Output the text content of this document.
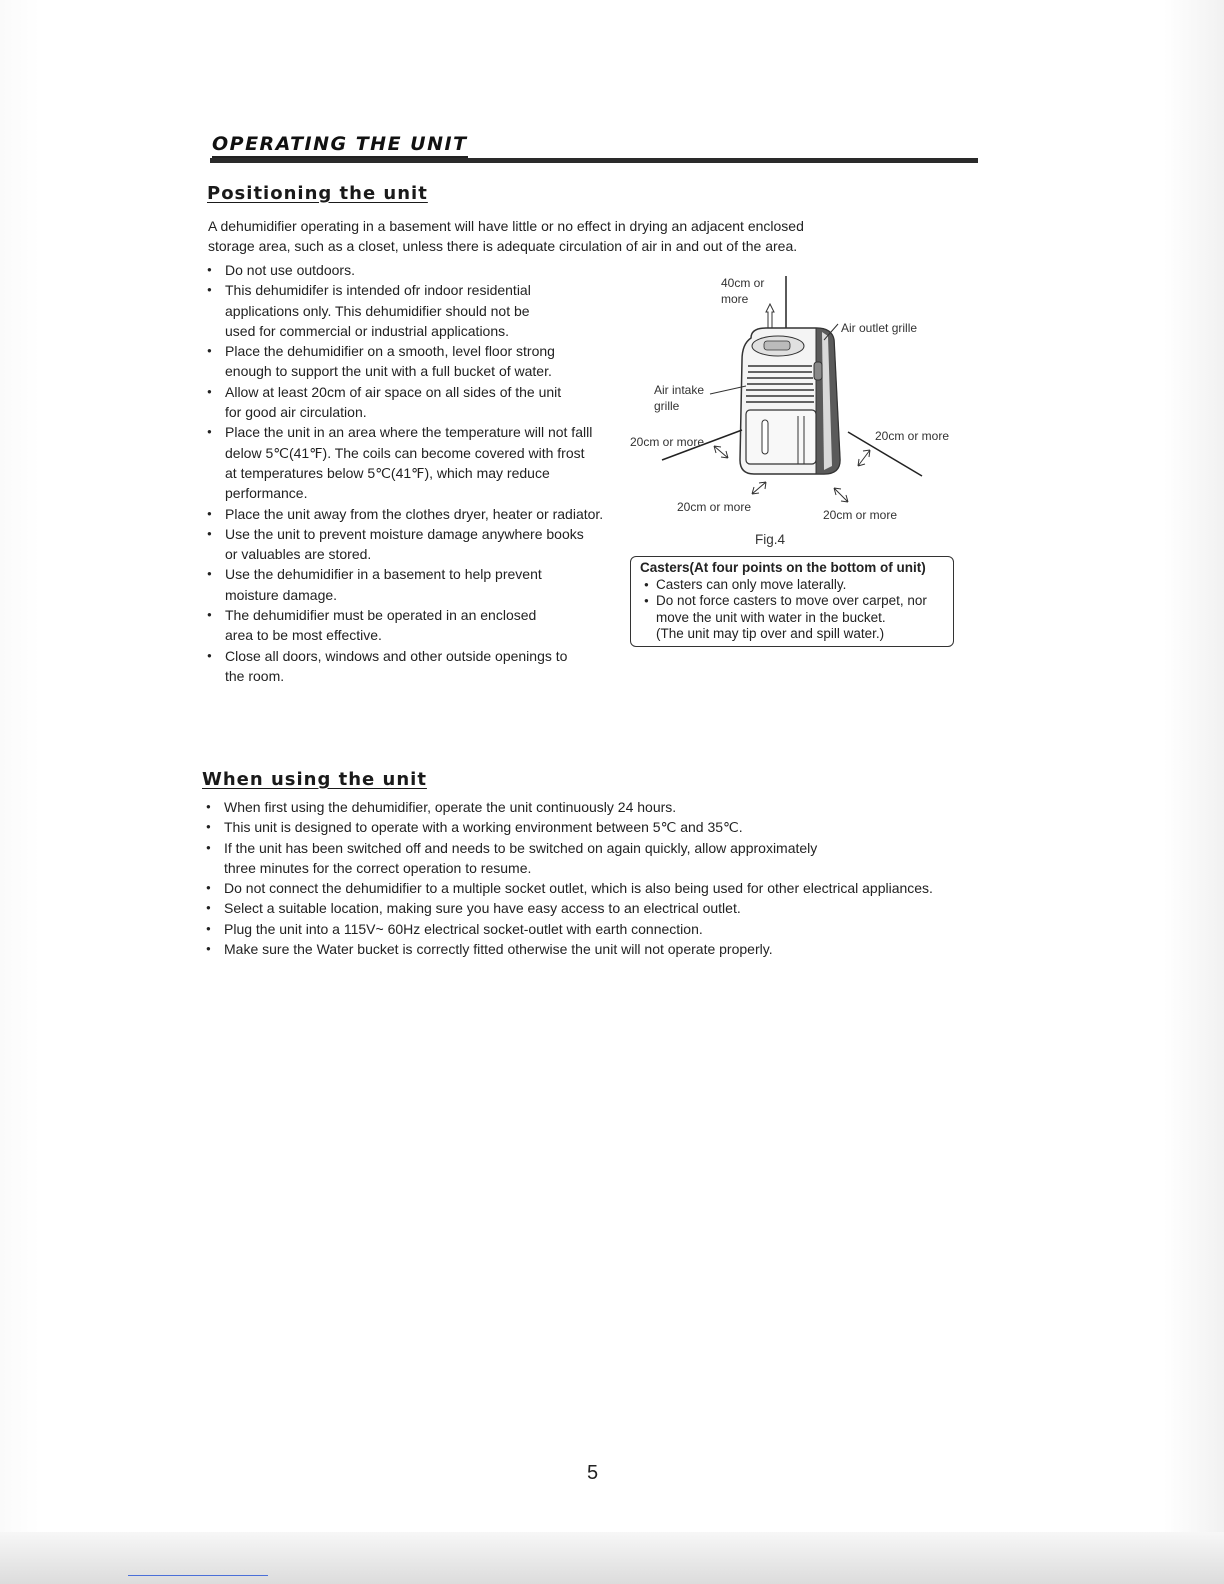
OPERATING THE UNIT
Positioning the unit
A dehumidifier operating in a basement will have little or no effect in drying an adjacent enclosed storage area, such as a closet, unless there is adequate circulation of air in and out of the area.
● Do not use outdoors.
● This dehumidifer is intended ofr indoor residential applications only. This dehumidifier should not be used for commercial or industrial applications.
● Place the dehumidifier on a smooth, level floor strong enough to support the unit with a full bucket of water.
● Allow at least 20cm of air space on all sides of the unit for good air circulation.
● Place the unit in an area where the temperature will not falll delow 5℃(41℉). The coils can become covered with frost at temperatures below 5℃(41℉), which may reduce performance.
● Place the unit away from the clothes dryer, heater or radiator.
● Use the unit to prevent moisture damage anywhere books or valuables are stored.
● Use the dehumidifier in a basement to help prevent moisture damage.
● The dehumidifier must be operated in an enclosed area to be most effective.
● Close all doors, windows and other outside openings to the room.
40cm or
more
Air outlet grille
Air intake
grille
20cm or more	20cm or more
20cm or more
20cm or more
Fig.4
Casters(At four points on the bottom of unit)
● Casters can only move laterally.
● Do not force casters to move over carpet, nor move the unit with water in the bucket.
(The unit may tip over and spill water.)
When using the unit
● When first using the dehumidifier, operate the unit continuously 24 hours.
● This unit is designed to operate with a working environment between 5℃ and 35℃.
● If the unit has been switched off and needs to be switched on again quickly, allow approximately three minutes for the correct operation to resume.
● Do not connect the dehumidifier to a multiple socket outlet, which is also being used for other electrical appliances.
● Select a suitable location, making sure you have easy access to an electrical outlet.
● Plug the unit into a 115V~ 60Hz electrical socket-outlet with earth connection.
● Make sure the Water bucket is correctly fitted otherwise the unit will not operate properly.
5
